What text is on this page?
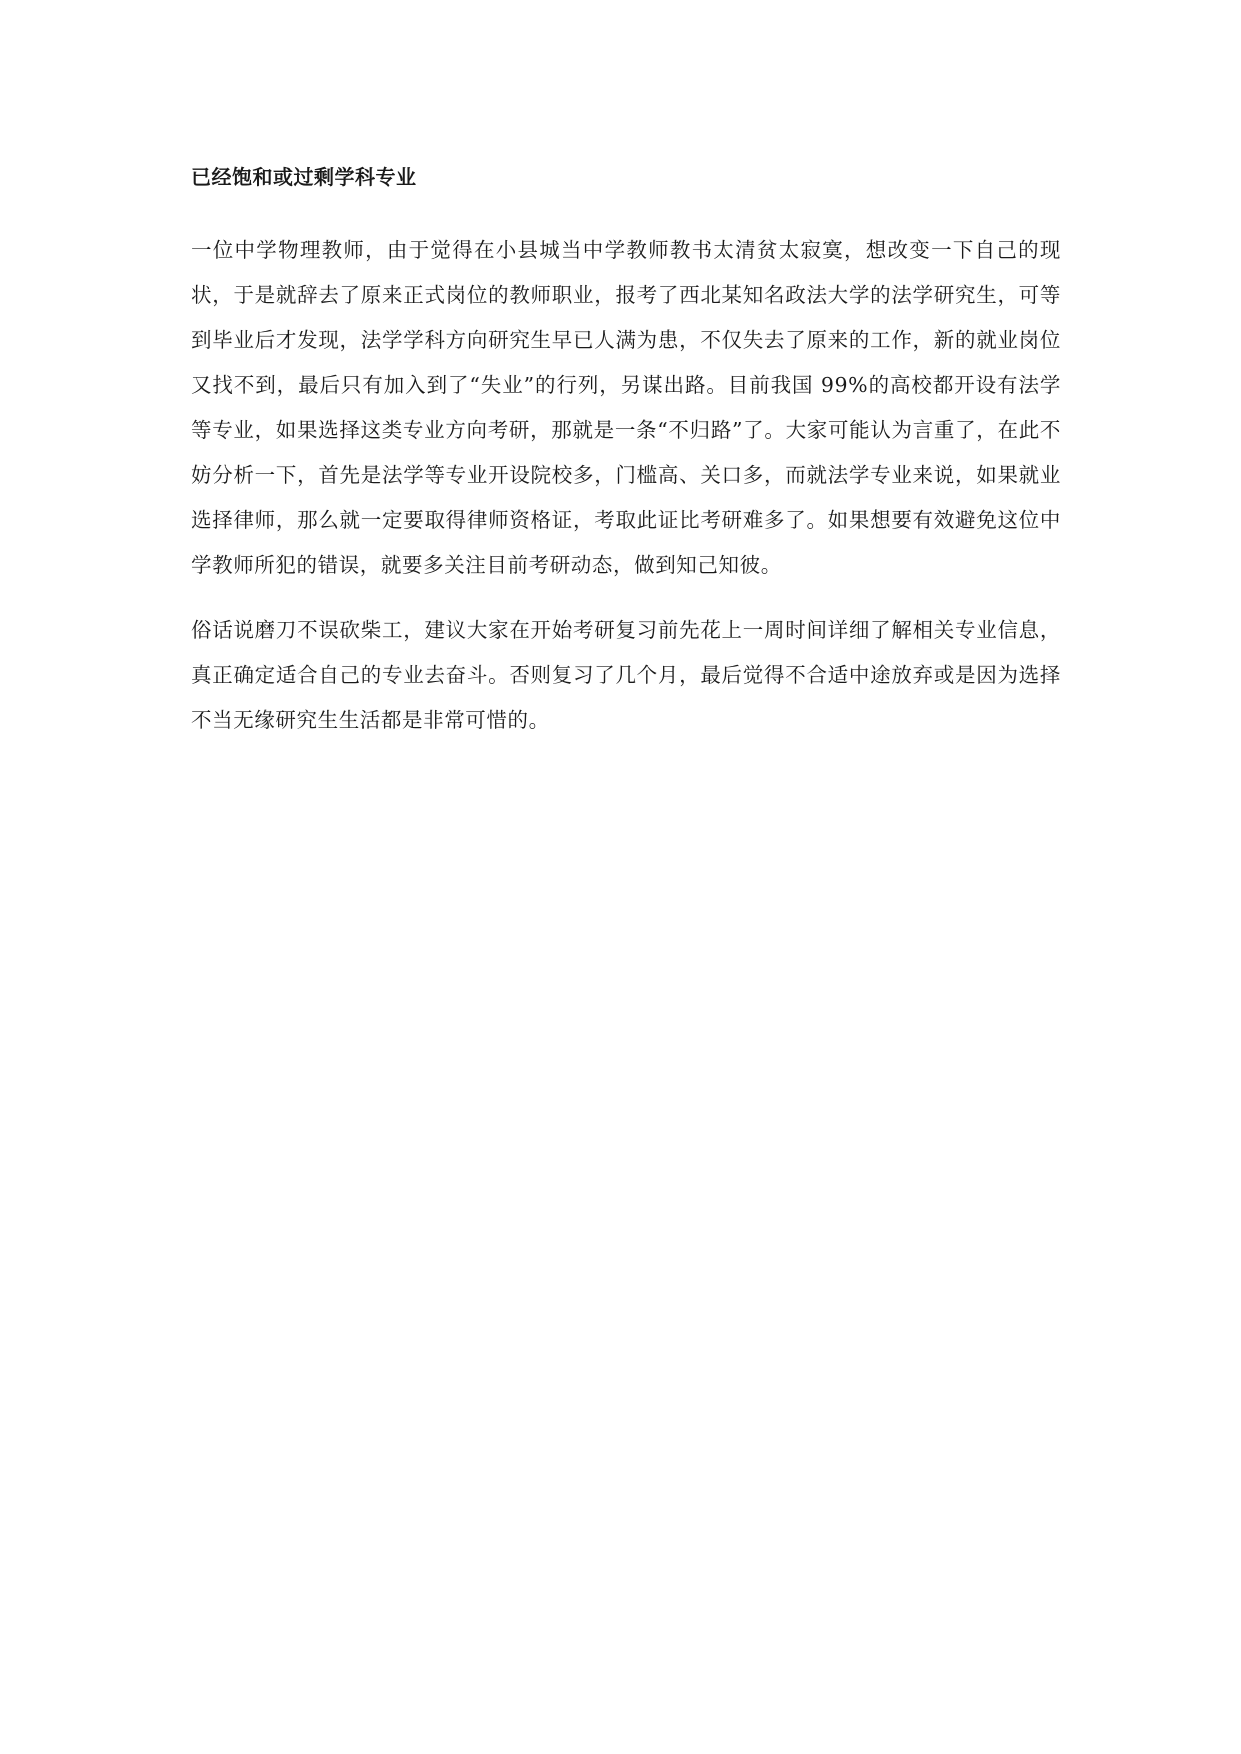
已经饱和或过剩学科专业

一位中学物理教师，由于觉得在小县城当中学教师教书太清贫太寂寞，想改变一下自己的现状，于是就辞去了原来正式岗位的教师职业，报考了西北某知名政法大学的法学研究生，可等到毕业后才发现，法学学科方向研究生早已人满为患，不仅失去了原来的工作，新的就业岗位又找不到，最后只有加入到了“失业”的行列，另谋出路。目前我国 99%的高校都开设有法学等专业，如果选择这类专业方向考研，那就是一条“不归路”了。大家可能认为言重了，在此不妨分析一下，首先是法学等专业开设院校多，门槛高、关口多，而就法学专业来说，如果就业选择律师，那么就一定要取得律师资格证，考取此证比考研难多了。如果想要有效避免这位中学教师所犯的错误，就要多关注目前考研动态，做到知己知彼。

俗话说磨刀不误砍柴工，建议大家在开始考研复习前先花上一周时间详细了解相关专业信息，真正确定适合自己的专业去奋斗。否则复习了几个月，最后觉得不合适中途放弃或是因为选择不当无缘研究生生活都是非常可惜的。
